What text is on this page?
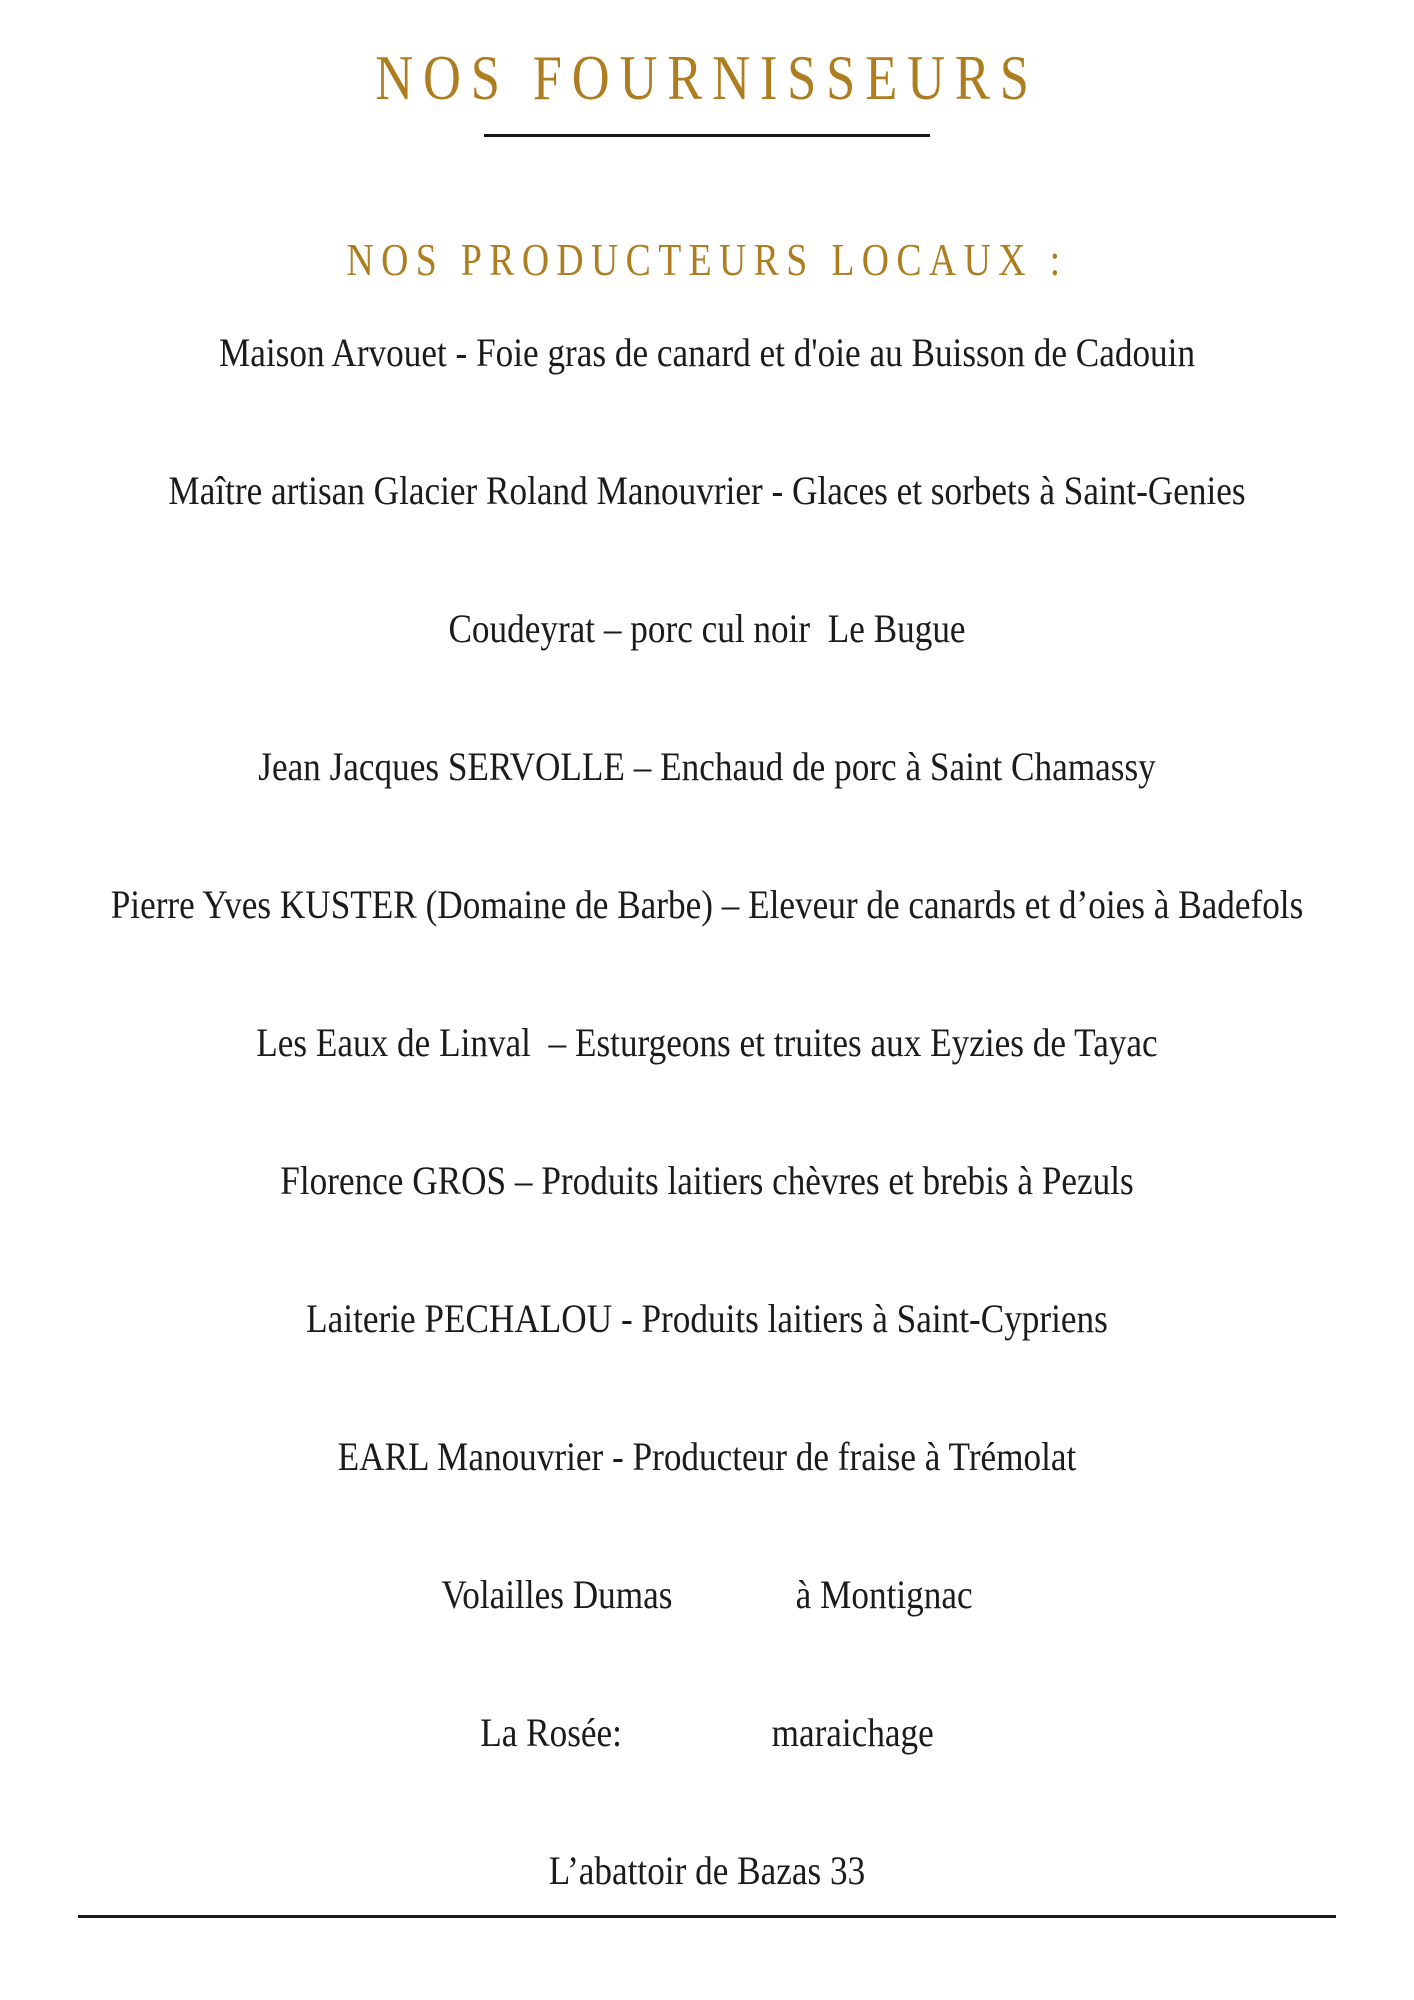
NOS FOURNISSEURS
NOS PRODUCTEURS LOCAUX :

Maison Arvouet - Foie gras de canard et d'oie au Buisson de Cadouin

Maître artisan Glacier Roland Manouvrier - Glaces et sorbets à Saint-Genies

Coudeyrat – porc cul noir  Le Bugue

Jean Jacques SERVOLLE – Enchaud de porc à Saint Chamassy

Pierre Yves KUSTER (Domaine de Barbe) – Eleveur de canards et d’oies à Badefols

Les Eaux de Linval  – Esturgeons et truites aux Eyzies de Tayac

Florence GROS – Produits laitiers chèvres et brebis à Pezuls

Laiterie PECHALOU - Produits laitiers à Saint-Cypriens

EARL Manouvrier - Producteur de fraise à Trémolat

Volailles Dumas              à Montignac

La Rosée:                 maraichage

L’abattoir de Bazas 33
